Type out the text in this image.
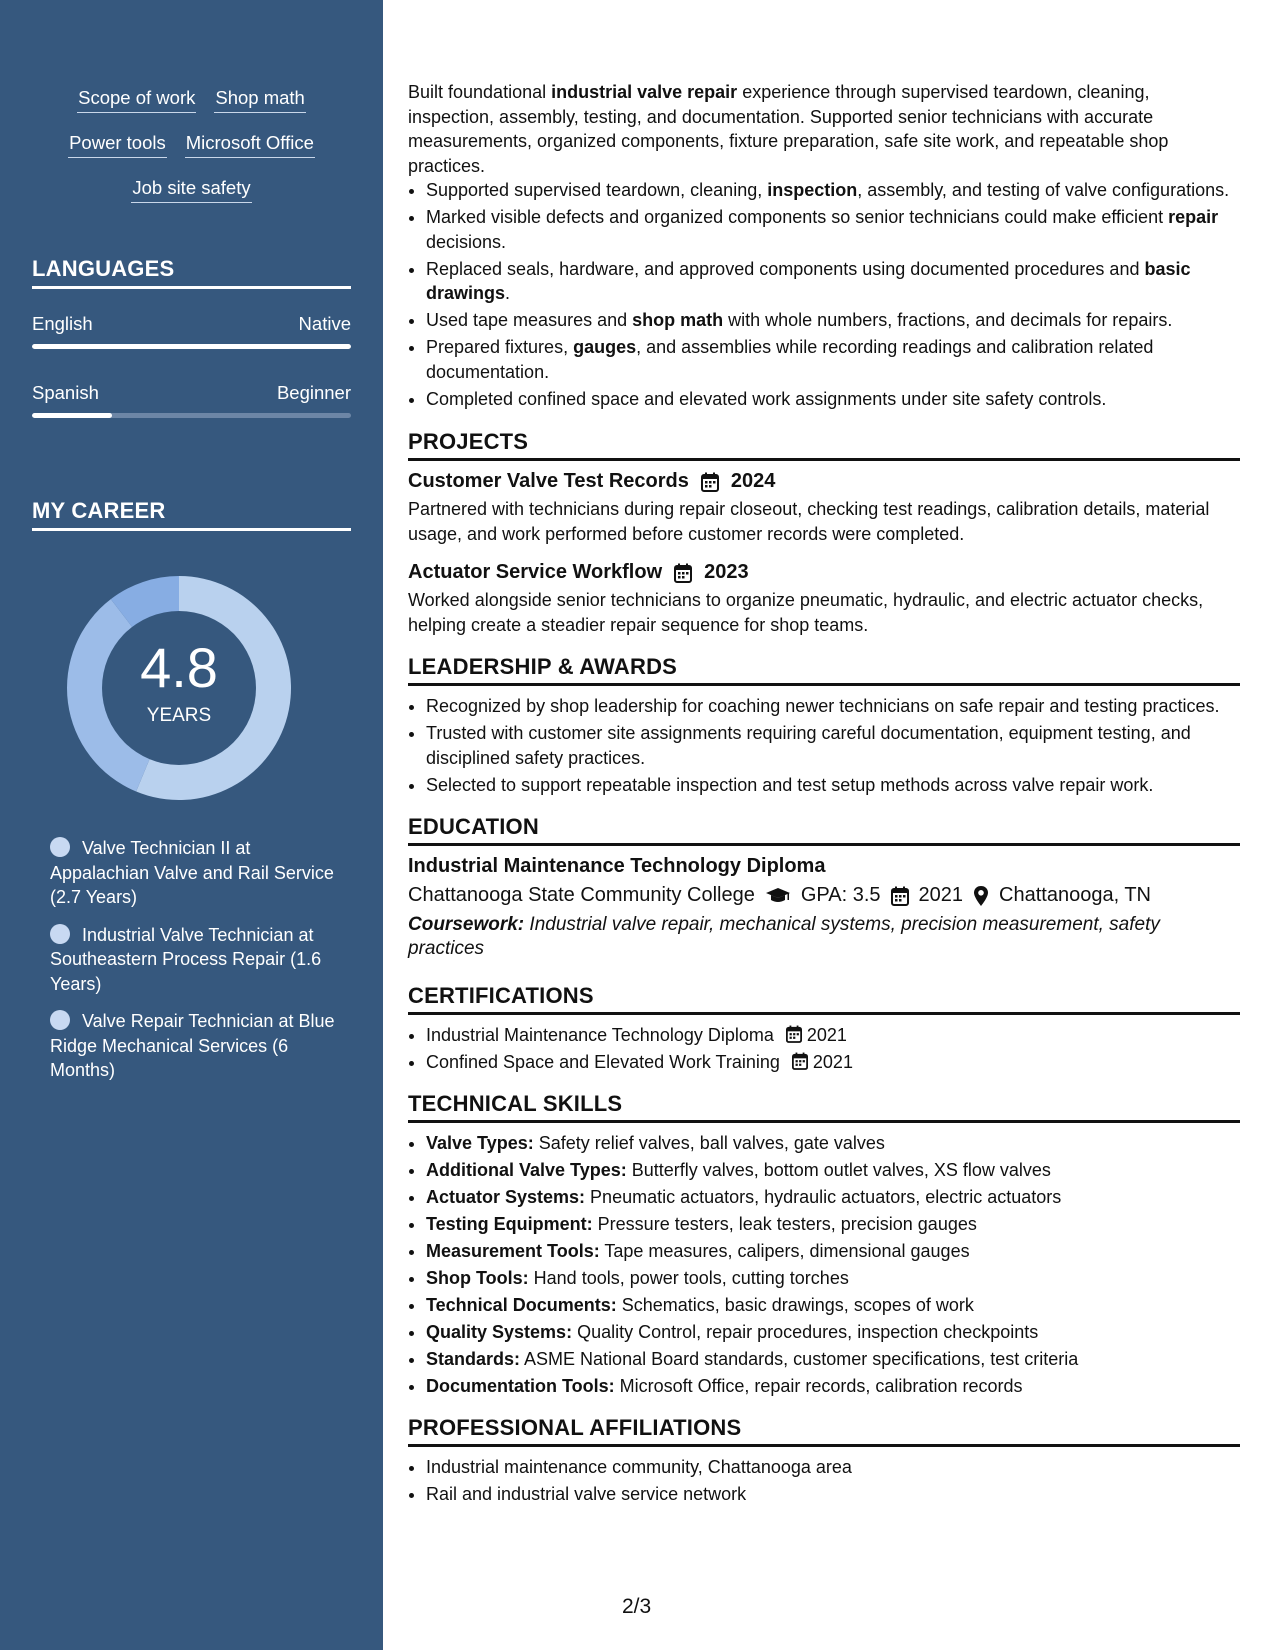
Scope of work Shop math
Power tools Microsoft Office
Job site safety
LANGUAGES
English	Native
Spanish	Beginner
MY CAREER
4.8
YEARS
Valve Technician II at Appalachian Valve and Rail Service (2.7 Years)
Industrial Valve Technician at Southeastern Process Repair (1.6 Years)
Valve Repair Technician at Blue Ridge Mechanical Services (6 Months)

Built foundational industrial valve repair experience through supervised teardown, cleaning, inspection, assembly, testing, and documentation. Supported senior technicians with accurate measurements, organized components, fixture preparation, safe site work, and repeatable shop practices.

• Supported supervised teardown, cleaning, inspection, assembly, and testing of valve configurations.
• Marked visible defects and organized components so senior technicians could make efficient repair decisions.
• Replaced seals, hardware, and approved components using documented procedures and basic drawings.
• Used tape measures and shop math with whole numbers, fractions, and decimals for repairs.
• Prepared fixtures, gauges, and assemblies while recording readings and calibration related documentation.
• Completed confined space and elevated work assignments under site safety controls.
PROJECTS
Customer Valve Test Records 2024

Partnered with technicians during repair closeout, checking test readings, calibration details, material usage, and work performed before customer records were completed.

Actuator Service Workflow 2023

Worked alongside senior technicians to organize pneumatic, hydraulic, and electric actuator checks, helping create a steadier repair sequence for shop teams.

LEADERSHIP & AWARDS
• Recognized by shop leadership for coaching newer technicians on safe repair and testing practices.
• Trusted with customer site assignments requiring careful documentation, equipment testing, and disciplined safety practices.
• Selected to support repeatable inspection and test setup methods across valve repair work.
EDUCATION
Industrial Maintenance Technology Diploma
Chattanooga State Community College GPA: 3.5 2021 Chattanooga, TN
Coursework: Industrial valve repair, mechanical systems, precision measurement, safety practices
CERTIFICATIONS
• Industrial Maintenance Technology Diploma 2021
• Confined Space and Elevated Work Training 2021
TECHNICAL SKILLS
• Valve Types: Safety relief valves, ball valves, gate valves
• Additional Valve Types: Butterfly valves, bottom outlet valves, XS flow valves
• Actuator Systems: Pneumatic actuators, hydraulic actuators, electric actuators
• Testing Equipment: Pressure testers, leak testers, precision gauges
• Measurement Tools: Tape measures, calipers, dimensional gauges
• Shop Tools: Hand tools, power tools, cutting torches
• Technical Documents: Schematics, basic drawings, scopes of work
• Quality Systems: Quality Control, repair procedures, inspection checkpoints
• Standards: ASME National Board standards, customer specifications, test criteria
• Documentation Tools: Microsoft Office, repair records, calibration records
PROFESSIONAL AFFILIATIONS
• Industrial maintenance community, Chattanooga area
• Rail and industrial valve service network
2/3
